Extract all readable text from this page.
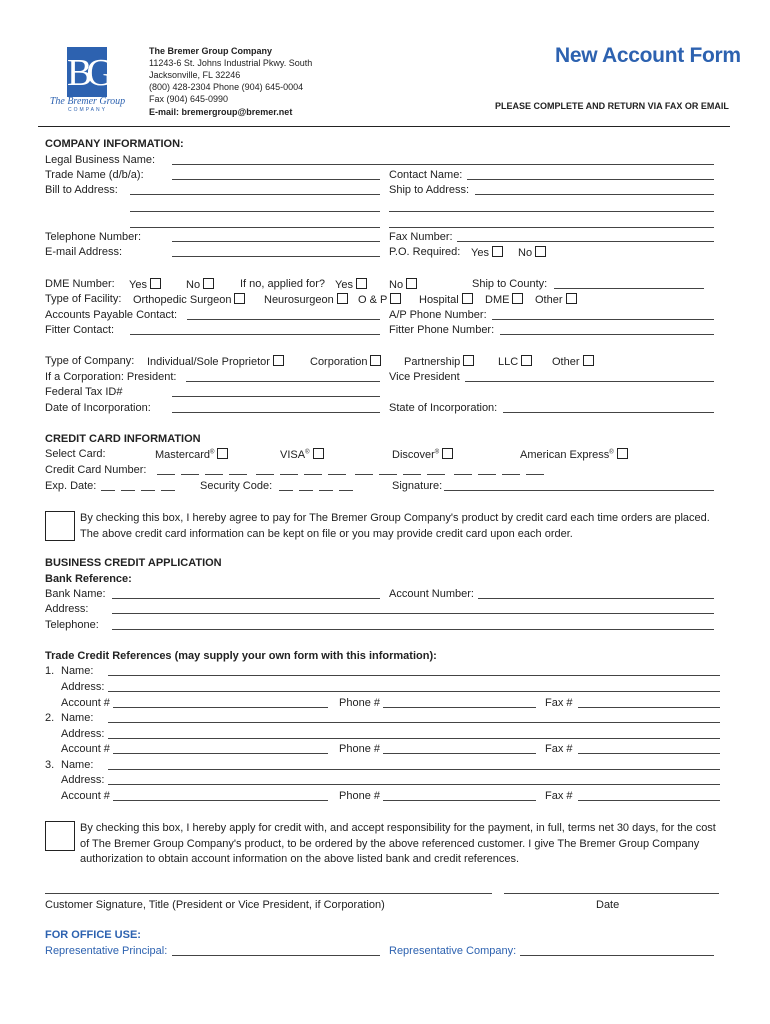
BG
The Bremer Group
COMPANY
The Bremer Group Company
11243-6 St. Johns Industrial Pkwy. South
Jacksonville, FL 32246
(800) 428-2304 Phone (904) 645-0004
Fax (904) 645-0990
E-mail: bremergroup@bremer.net
New Account Form
PLEASE COMPLETE AND RETURN VIA FAX OR EMAIL
COMPANY INFORMATION:
Legal Business Name:
Trade Name (d/b/a):	Contact Name:
Bill to Address:	Ship to Address:
Telephone Number:	Fax Number:
E-mail Address:	P.O. Required: Yes	No
DME Number: Yes	No	If no, applied for? Yes	No	Ship to County:
Type of Facility: Orthopedic Surgeon	Neurosurgeon	O & P	Hospital	DME	Other
Accounts Payable Contact:	A/P Phone Number:
Fitter Contact:	Fitter Phone Number:
Type of Company: Individual/Sole Proprietor	Corporation	Partnership	LLC	Other
If a Corporation: President:	Vice President
Federal Tax ID#
Date of Incorporation:	State of Incorporation:
CREDIT CARD INFORMATION
Select Card:	Mastercard®	VISA®	Discover®	American Express®
Credit Card Number:

Exp. Date:	Security Code:	Signature:
By checking this box, I hereby agree to pay for The Bremer Group Company's product by credit card each time orders are placed. The above credit card information can be kept on file or you may provide credit card upon each order.
BUSINESS CREDIT APPLICATION
Bank Reference:
Bank Name:	Account Number:
Address:
Telephone:
Trade Credit References (may supply your own form with this information):
1. Name:
Address:
Account #	Phone #	Fax #
2. Name:
Address:
Account #	Phone #	Fax #
3. Name:
Address:
Account #	Phone #	Fax #
By checking this box, I hereby apply for credit with, and accept responsibility for the payment, in full, terms net 30 days, for the cost of The Bremer Group Company's product, to be ordered by the above referenced customer. I give The Bremer Group Company authorization to obtain account information on the above listed bank and credit references.
Customer Signature, Title (President or Vice President, if Corporation)	Date
FOR OFFICE USE:
Representative Principal:	Representative Company:
